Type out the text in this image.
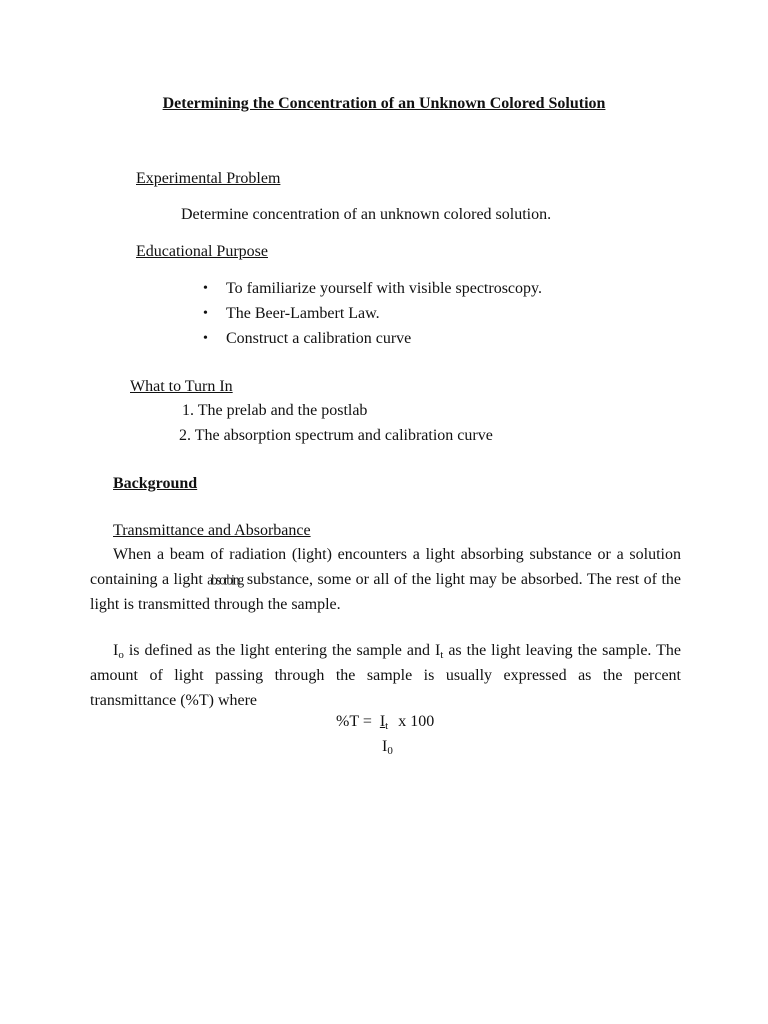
Determining the Concentration of an Unknown Colored Solution
Experimental Problem
Determine concentration of an unknown colored solution.
Educational Purpose
• To familiarize yourself with visible spectroscopy.
• The Beer-Lambert Law.
• Construct a calibration curve
What to Turn In
1. The prelab and the postlab
2. The absorption spectrum and calibration curve
Background
Transmittance and Absorbance
When a beam of radiation (light) encounters a light absorbing substance or a solution containing a light absorbing substance, some or all of the light may be absorbed. The rest of the light is transmitted through the sample.
$I_o$ is defined as the light entering the sample and $I_t$ as the light leaving the sample. The amount of light passing through the sample is usually expressed as the percent transmittance (%T) where
$\%T = I_t$ x 100
$I_0$
